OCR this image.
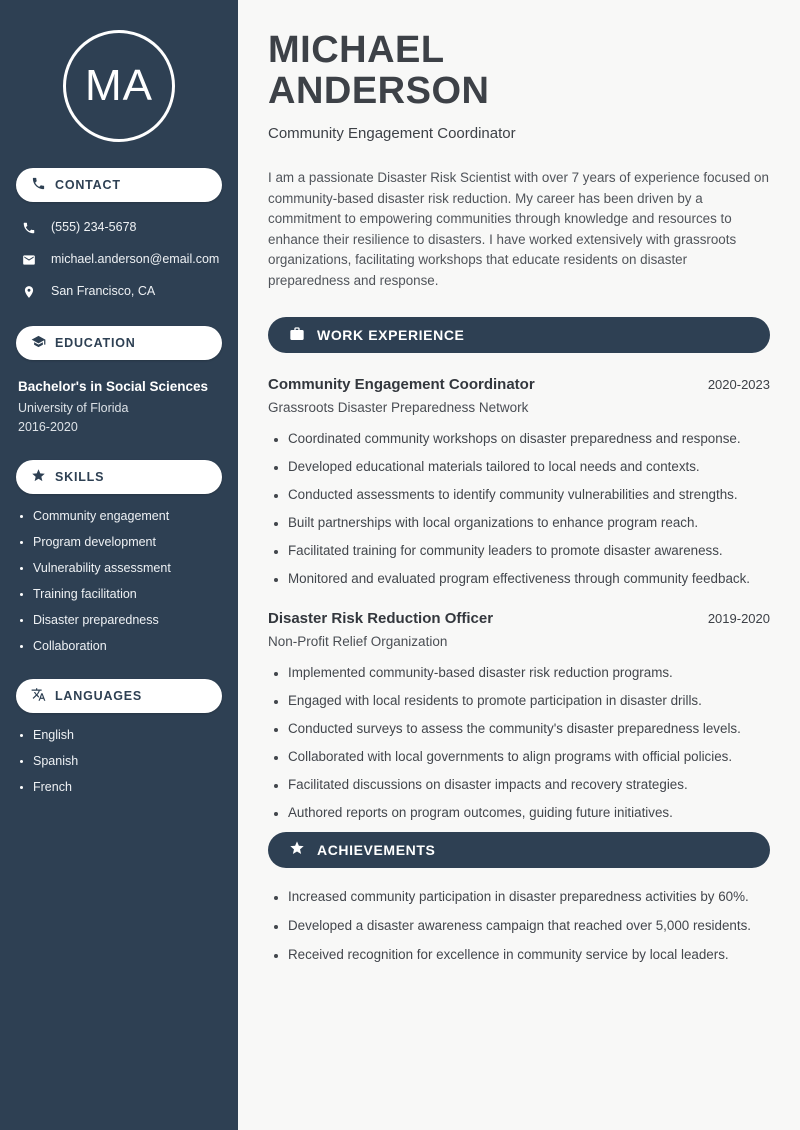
MA
CONTACT
(555) 234-5678
michael.anderson@email.com
San Francisco, CA
EDUCATION
Bachelor's in Social Sciences
University of Florida
2016-2020
SKILLS
• Community engagement
• Program development
• Vulnerability assessment
• Training facilitation
• Disaster preparedness
• Collaboration
LANGUAGES
• English
• Spanish
• French
MICHAEL
ANDERSON
Community Engagement Coordinator

I am a passionate Disaster Risk Scientist with over 7 years of experience focused on community-based disaster risk reduction. My career has been driven by a commitment to empowering communities through knowledge and resources to enhance their resilience to disasters. I have worked extensively with grassroots organizations, facilitating workshops that educate residents on disaster preparedness and response.

WORK EXPERIENCE
Community Engagement Coordinator	2020-2023
Grassroots Disaster Preparedness Network
• Coordinated community workshops on disaster preparedness and response.
• Developed educational materials tailored to local needs and contexts.
• Conducted assessments to identify community vulnerabilities and strengths.
• Built partnerships with local organizations to enhance program reach.
• Facilitated training for community leaders to promote disaster awareness.
• Monitored and evaluated program effectiveness through community feedback.
Disaster Risk Reduction Officer	2019-2020
Non-Profit Relief Organization
• Implemented community-based disaster risk reduction programs.
• Engaged with local residents to promote participation in disaster drills.
• Conducted surveys to assess the community's disaster preparedness levels.
• Collaborated with local governments to align programs with official policies.
• Facilitated discussions on disaster impacts and recovery strategies.
• Authored reports on program outcomes, guiding future initiatives.
ACHIEVEMENTS
• Increased community participation in disaster preparedness activities by 60%.
• Developed a disaster awareness campaign that reached over 5,000 residents.
• Received recognition for excellence in community service by local leaders.
